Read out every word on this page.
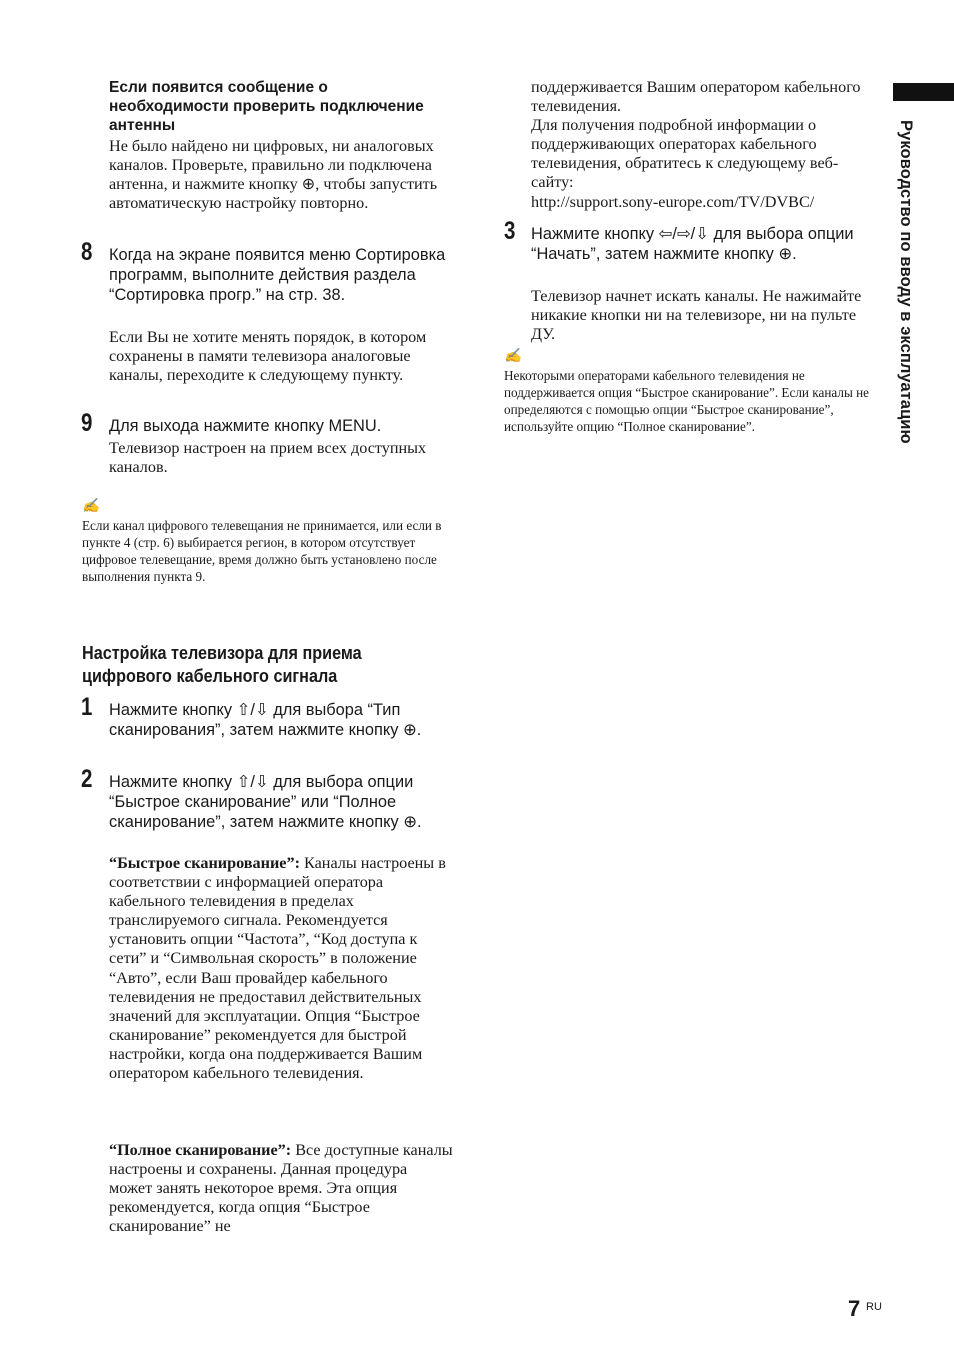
Если появится сообщение о необходимости проверить подключение антенны
Не было найдено ни цифровых, ни аналоговых каналов. Проверьте, правильно ли подключена антенна, и нажмите кнопку ⊕, чтобы запустить автоматическую настройку повторно.
8 Когда на экране появится меню Сортировка программ, выполните действия раздела “Сортировка прогр.” на стр. 38.
Если Вы не хотите менять порядок, в котором сохранены в памяти телевизора аналоговые каналы, переходите к следующему пункту.
9 Для выхода нажмите кнопку MENU.
Телевизор настроен на прием всех доступных каналов.
✍
Если канал цифрового телевещания не принимается, или если в пункте 4 (стр. 6) выбирается регион, в котором отсутствует цифровое телевещание, время должно быть установлено после выполнения пункта 9.
Настройка телевизора для приема цифрового кабельного сигнала
1 Нажмите кнопку ⇧/⇩ для выбора “Тип сканирования”, затем нажмите кнопку ⊕.
2 Нажмите кнопку ⇧/⇩ для выбора опции “Быстрое сканирование” или “Полное сканирование”, затем нажмите кнопку ⊕.
“Быстрое сканирование”: Каналы настроены в соответствии с информацией оператора кабельного телевидения в пределах транслируемого сигнала. Рекомендуется установить опции “Частота”, “Код доступа к сети” и “Символьная скорость” в положение “Авто”, если Ваш провайдер кабельного телевидения не предоставил действительных значений для эксплуатации. Опция “Быстрое сканирование” рекомендуется для быстрой настройки, когда она поддерживается Вашим оператором кабельного телевидения.
“Полное сканирование”: Все доступные каналы настроены и сохранены. Данная процедура может занять некоторое время. Эта опция рекомендуется, когда опция “Быстрое сканирование” не
поддерживается Вашим оператором кабельного телевидения.
Для получения подробной информации о поддерживающих операторах кабельного телевидения, обратитесь к следующему веб-сайту:
http://support.sony-europe.com/TV/DVBC/
3 Нажмите кнопку ⇦/⇨/⇩ для выбора опции “Начать”, затем нажмите кнопку ⊕.
Телевизор начнет искать каналы. Не нажимайте никакие кнопки ни на телевизоре, ни на пульте ДУ.
✍
Некоторыми операторами кабельного телевидения не поддерживается опция “Быстрое сканирование”. Если каналы не определяются с помощью опции “Быстрое сканирование”, используйте опцию “Полное сканирование”.	Руководство по вводу в эксплуатацию
7 RU
